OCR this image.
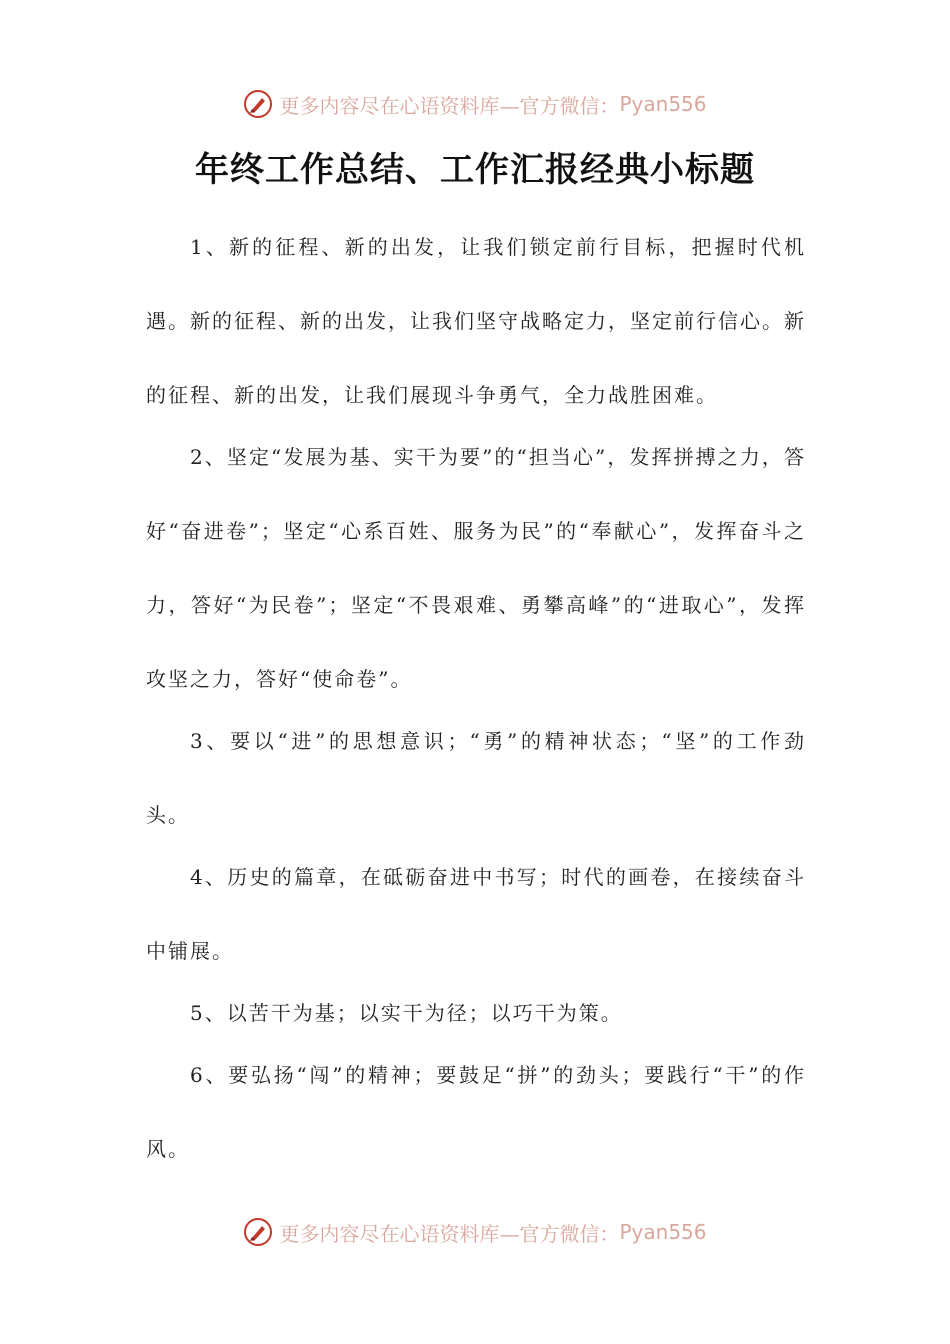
更多内容尽在心语资料库—官方微信： Pyan556
年终工作总结、工作汇报经典小标题

1、新的征程、新的出发，让我们锁定前行目标，把握时代机遇。新的征程、新的出发，让我们坚守战略定力，坚定前行信心。新的征程、新的出发，让我们展现斗争勇气，全力战胜困难。

2、坚定“发展为基、实干为要”的“担当心”，发挥拼搏之力，答好“奋进卷”；坚定“心系百姓、服务为民”的“奉献心”，发挥奋斗之力，答好“为民卷”；坚定“不畏艰难、勇攀高峰”的“进取心”，发挥攻坚之力，答好“使命卷”。

3、要以“进”的思想意识；“勇”的精神状态；“坚”的工作劲头。

4、历史的篇章，在砥砺奋进中书写；时代的画卷，在接续奋斗中铺展。

5、以苦干为基；以实干为径；以巧干为策。

6、要弘扬“闯”的精神；要鼓足“拼”的劲头；要践行“干”的作风。

更多内容尽在心语资料库—官方微信： Pyan556
